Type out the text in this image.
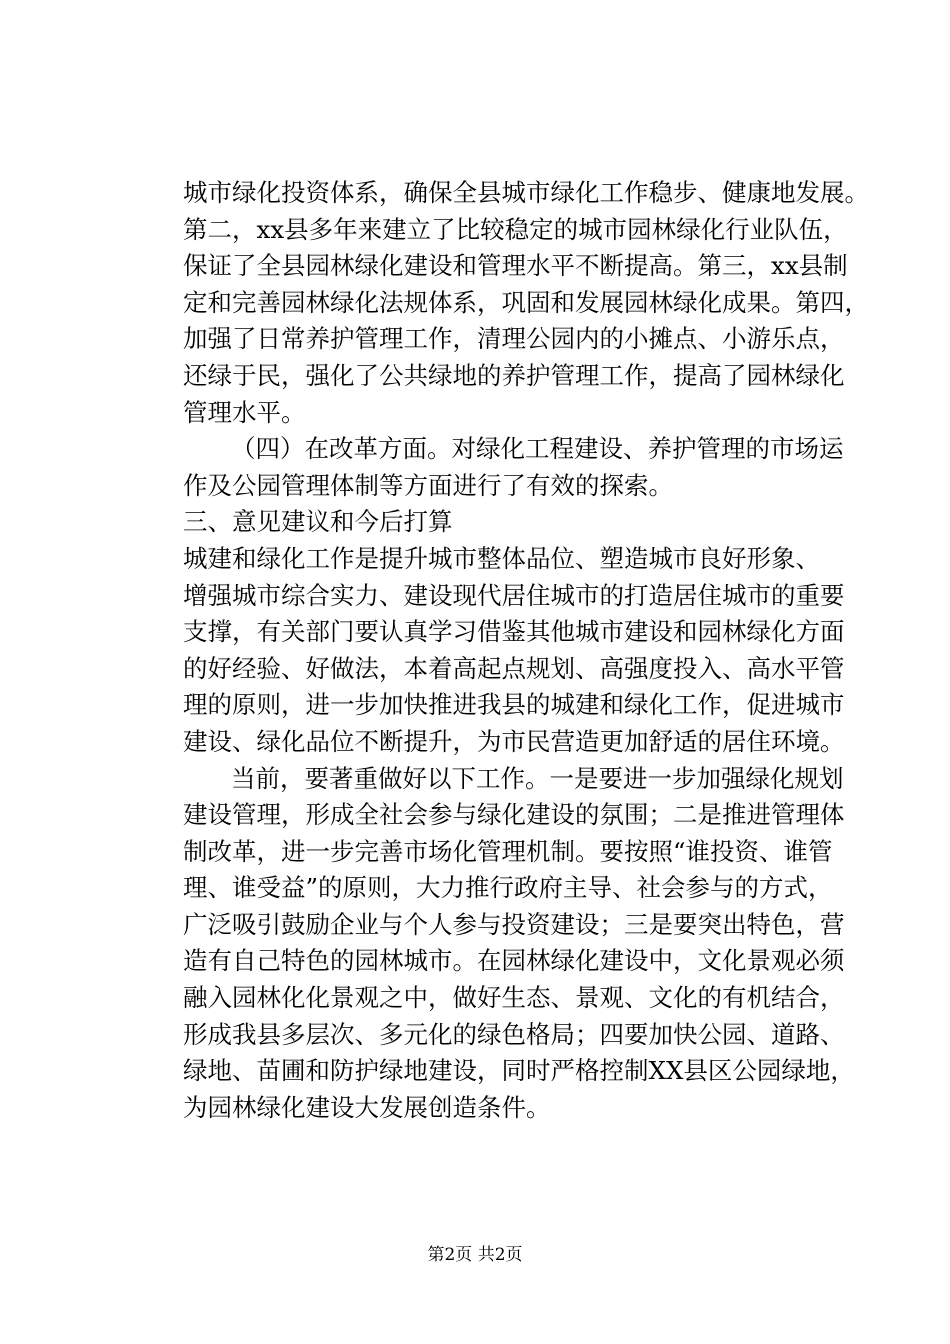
城市绿化投资体系，确保全县城市绿化工作稳步、健康地发展。
第二，xx县多年来建立了比较稳定的城市园林绿化行业队伍，
保证了全县园林绿化建设和管理水平不断提高。第三，xx县制
定和完善园林绿化法规体系，巩固和发展园林绿化成果。第四，
加强了日常养护管理工作，清理公园内的小摊点、小游乐点，
还绿于民，强化了公共绿地的养护管理工作，提高了园林绿化
管理水平。
（四）在改革方面。对绿化工程建设、养护管理的市场运
作及公园管理体制等方面进行了有效的探索。
三、意见建议和今后打算
城建和绿化工作是提升城市整体品位、塑造城市良好形象、
增强城市综合实力、建设现代居住城市的打造居住城市的重要
支撑，有关部门要认真学习借鉴其他城市建设和园林绿化方面
的好经验、好做法，本着高起点规划、高强度投入、高水平管
理的原则，进一步加快推进我县的城建和绿化工作，促进城市
建设、绿化品位不断提升，为市民营造更加舒适的居住环境。
当前，要著重做好以下工作。一是要进一步加强绿化规划
建设管理，形成全社会参与绿化建设的氛围；二是推进管理体
制改革，进一步完善市场化管理机制。要按照“谁投资、谁管
理、谁受益”的原则，大力推行政府主导、社会参与的方式，
广泛吸引鼓励企业与个人参与投资建设；三是要突出特色，营
造有自己特色的园林城市。在园林绿化建设中，文化景观必须
融入园林化化景观之中，做好生态、景观、文化的有机结合，
形成我县多层次、多元化的绿色格局；四要加快公园、道路、
绿地、苗圃和防护绿地建设，同时严格控制XX县区公园绿地，
为园林绿化建设大发展创造条件。
第2页 共2页
